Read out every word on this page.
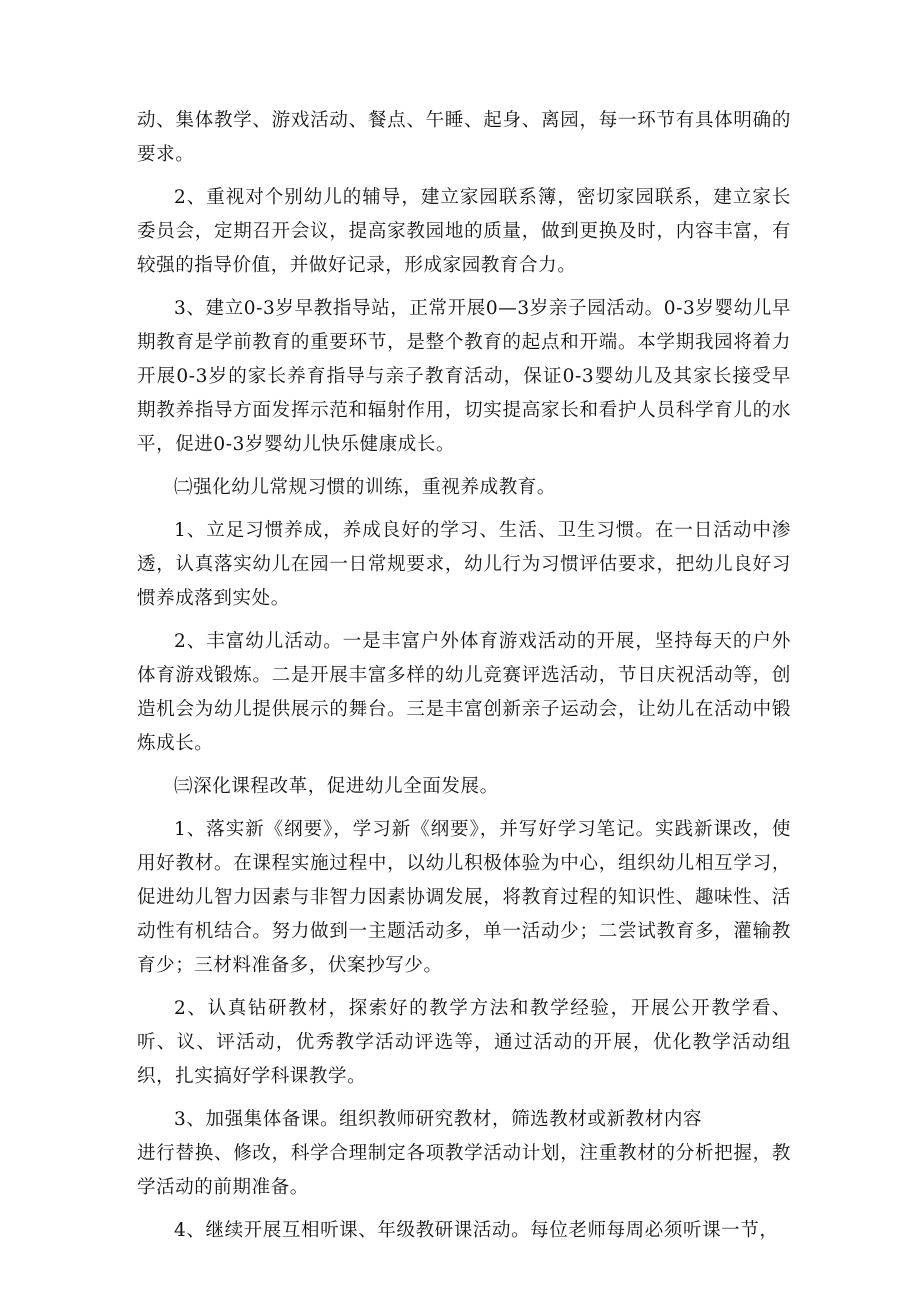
动、集体教学、游戏活动、餐点、午睡、起身、离园，每一环节有具体明确的要求。

2、重视对个别幼儿的辅导，建立家园联系簿，密切家园联系，建立家长委员会，定期召开会议，提高家教园地的质量，做到更换及时，内容丰富，有较强的指导价值，并做好记录，形成家园教育合力。

3、建立0-3岁早教指导站，正常开展0—3岁亲子园活动。0-3岁婴幼儿早期教育是学前教育的重要环节，是整个教育的起点和开端。本学期我园将着力开展0-3岁的家长养育指导与亲子教育活动，保证0-3婴幼儿及其家长接受早期教养指导方面发挥示范和辐射作用，切实提高家长和看护人员科学育儿的水平，促进0-3岁婴幼儿快乐健康成长。

㈡强化幼儿常规习惯的训练，重视养成教育。

1、立足习惯养成，养成良好的学习、生活、卫生习惯。在一日活动中渗透，认真落实幼儿在园一日常规要求，幼儿行为习惯评估要求，把幼儿良好习惯养成落到实处。

2、丰富幼儿活动。一是丰富户外体育游戏活动的开展，坚持每天的户外体育游戏锻炼。二是开展丰富多样的幼儿竞赛评选活动，节日庆祝活动等，创造机会为幼儿提供展示的舞台。三是丰富创新亲子运动会，让幼儿在活动中锻炼成长。

㈢深化课程改革，促进幼儿全面发展。

1、落实新《纲要》，学习新《纲要》，并写好学习笔记。实践新课改，使用好教材。在课程实施过程中，以幼儿积极体验为中心，组织幼儿相互学习，促进幼儿智力因素与非智力因素协调发展，将教育过程的知识性、趣味性、活动性有机结合。努力做到一主题活动多，单一活动少；二尝试教育多，灌输教育少；三材料准备多，伏案抄写少。

2、认真钻研教材，探索好的教学方法和教学经验，开展公开教学看、听、议、评活动，优秀教学活动评选等，通过活动的开展，优化教学活动组织，扎实搞好学科课教学。

3、加强集体备课。组织教师研究教材，筛选教材或新教材内容

进行替换、修改，科学合理制定各项教学活动计划，注重教材的分析把握，教学活动的前期准备。

4、继续开展互相听课、年级教研课活动。每位老师每周必须听课一节，
